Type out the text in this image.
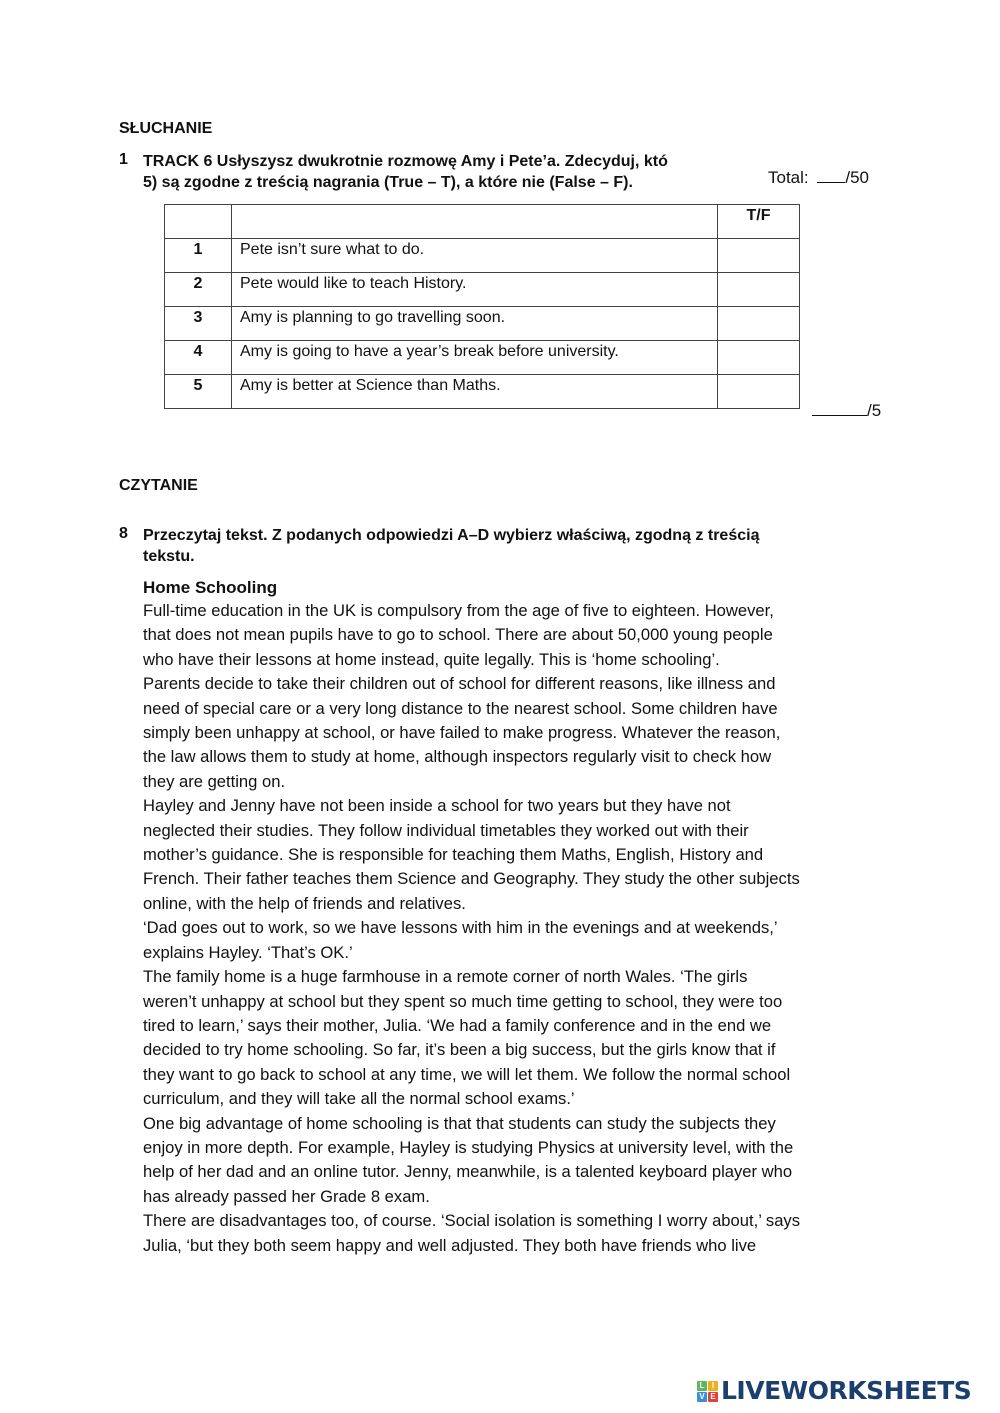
SŁUCHANIE
1 TRACK 6 Usłyszysz dwukrotnie rozmowę Amy i Pete’a. Zdecyduj, któ
5) są zgodne z treścią nagrania (True – T), a które nie (False – F).	Total: /50
		T/F
1	Pete isn’t sure what to do.	
2	Pete would like to teach History.	
3	Amy is planning to go travelling soon.	
4	Amy is going to have a year’s break before university.	
5	Amy is better at Science than Maths.	
/5
CZYTANIE
8 Przeczytaj tekst. Z podanych odpowiedzi A–D wybierz właściwą, zgodną z treścią
tekstu.
Home Schooling
Full-time education in the UK is compulsory from the age of five to eighteen. However,
that does not mean pupils have to go to school. There are about 50,000 young people
who have their lessons at home instead, quite legally. This is ‘home schooling’.
Parents decide to take their children out of school for different reasons, like illness and
need of special care or a very long distance to the nearest school. Some children have
simply been unhappy at school, or have failed to make progress. Whatever the reason,
the law allows them to study at home, although inspectors regularly visit to check how
they are getting on.
Hayley and Jenny have not been inside a school for two years but they have not
neglected their studies. They follow individual timetables they worked out with their
mother’s guidance. She is responsible for teaching them Maths, English, History and
French. Their father teaches them Science and Geography. They study the other subjects
online, with the help of friends and relatives.
‘Dad goes out to work, so we have lessons with him in the evenings and at weekends,’
explains Hayley. ‘That’s OK.’
The family home is a huge farmhouse in a remote corner of north Wales. ‘The girls
weren’t unhappy at school but they spent so much time getting to school, they were too
tired to learn,’ says their mother, Julia. ‘We had a family conference and in the end we
decided to try home schooling. So far, it’s been a big success, but the girls know that if
they want to go back to school at any time, we will let them. We follow the normal school
curriculum, and they will take all the normal school exams.’
One big advantage of home schooling is that that students can study the subjects they
enjoy in more depth. For example, Hayley is studying Physics at university level, with the
help of her dad and an online tutor. Jenny, meanwhile, is a talented keyboard player who
has already passed her Grade 8 exam.
There are disadvantages too, of course. ‘Social isolation is something I worry about,’ says
Julia, ‘but they both seem happy and well adjusted. They both have friends who live
L I
V E LIVEWORKSHEETS
